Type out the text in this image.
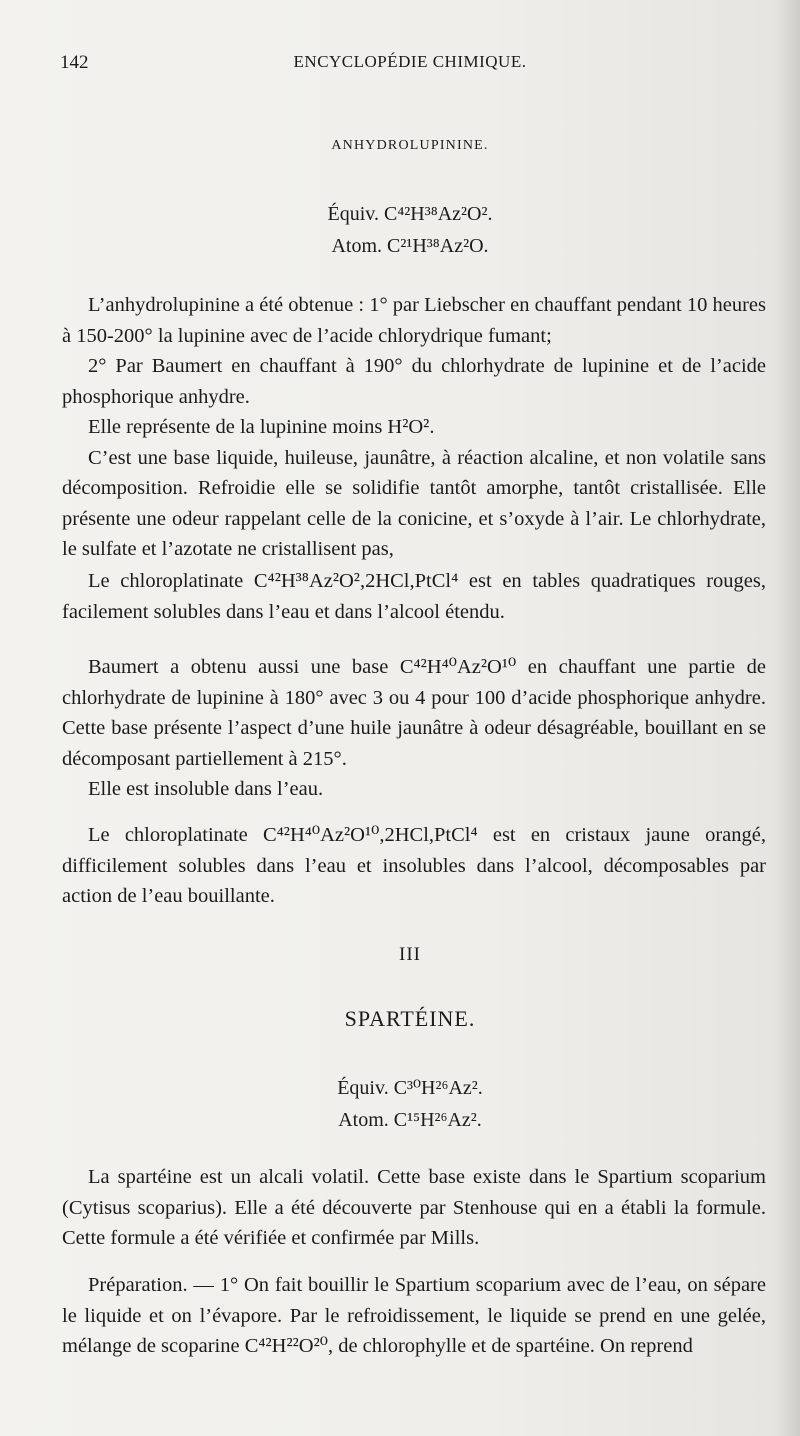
142	ENCYCLOPÉDIE CHIMIQUE.
ANHYDROLUPININE.
Équiv. C⁴²H³⁸Az²O².
Atom. C²¹H³⁸Az²O.

L’anhydrolupinine a été obtenue : 1° par Liebscher en chauffant pendant 10 heures à 150-200° la lupinine avec de l’acide chlorydrique fumant;

2° Par Baumert en chauffant à 190° du chlorhydrate de lupinine et de l’acide phosphorique anhydre.

Elle représente de la lupinine moins H²O².

C’est une base liquide, huileuse, jaunâtre, à réaction alcaline, et non volatile sans décomposition. Refroidie elle se solidifie tantôt amorphe, tantôt cristallisée. Elle présente une odeur rappelant celle de la conicine, et s’oxyde à l’air. Le chlorhydrate, le sulfate et l’azotate ne cristallisent pas,

Le chloroplatinate C⁴²H³⁸Az²O²,2HCl,PtCl⁴ est en tables quadratiques rouges, facilement solubles dans l’eau et dans l’alcool étendu.

Baumert a obtenu aussi une base C⁴²H⁴⁰Az²O¹⁰ en chauffant une partie de chlorhydrate de lupinine à 180° avec 3 ou 4 pour 100 d’acide phosphorique anhydre. Cette base présente l’aspect d’une huile jaunâtre à odeur désagréable, bouillant en se décomposant partiellement à 215°.

Elle est insoluble dans l’eau.

Le chloroplatinate C⁴²H⁴⁰Az²O¹⁰,2HCl,PtCl⁴ est en cristaux jaune orangé, difficilement solubles dans l’eau et insolubles dans l’alcool, décomposables par action de l’eau bouillante.

III
SPARTÉINE.
Équiv. C³⁰H²⁶Az².
Atom. C¹⁵H²⁶Az².

La spartéine est un alcali volatil. Cette base existe dans le Spartium scoparium (Cytisus scoparius). Elle a été découverte par Stenhouse qui en a établi la formule. Cette formule a été vérifiée et confirmée par Mills.

Préparation. — 1° On fait bouillir le Spartium scoparium avec de l’eau, on sépare le liquide et on l’évapore. Par le refroidissement, le liquide se prend en une gelée, mélange de scoparine C⁴²H²²O²⁰, de chlorophylle et de spartéine. On reprend
